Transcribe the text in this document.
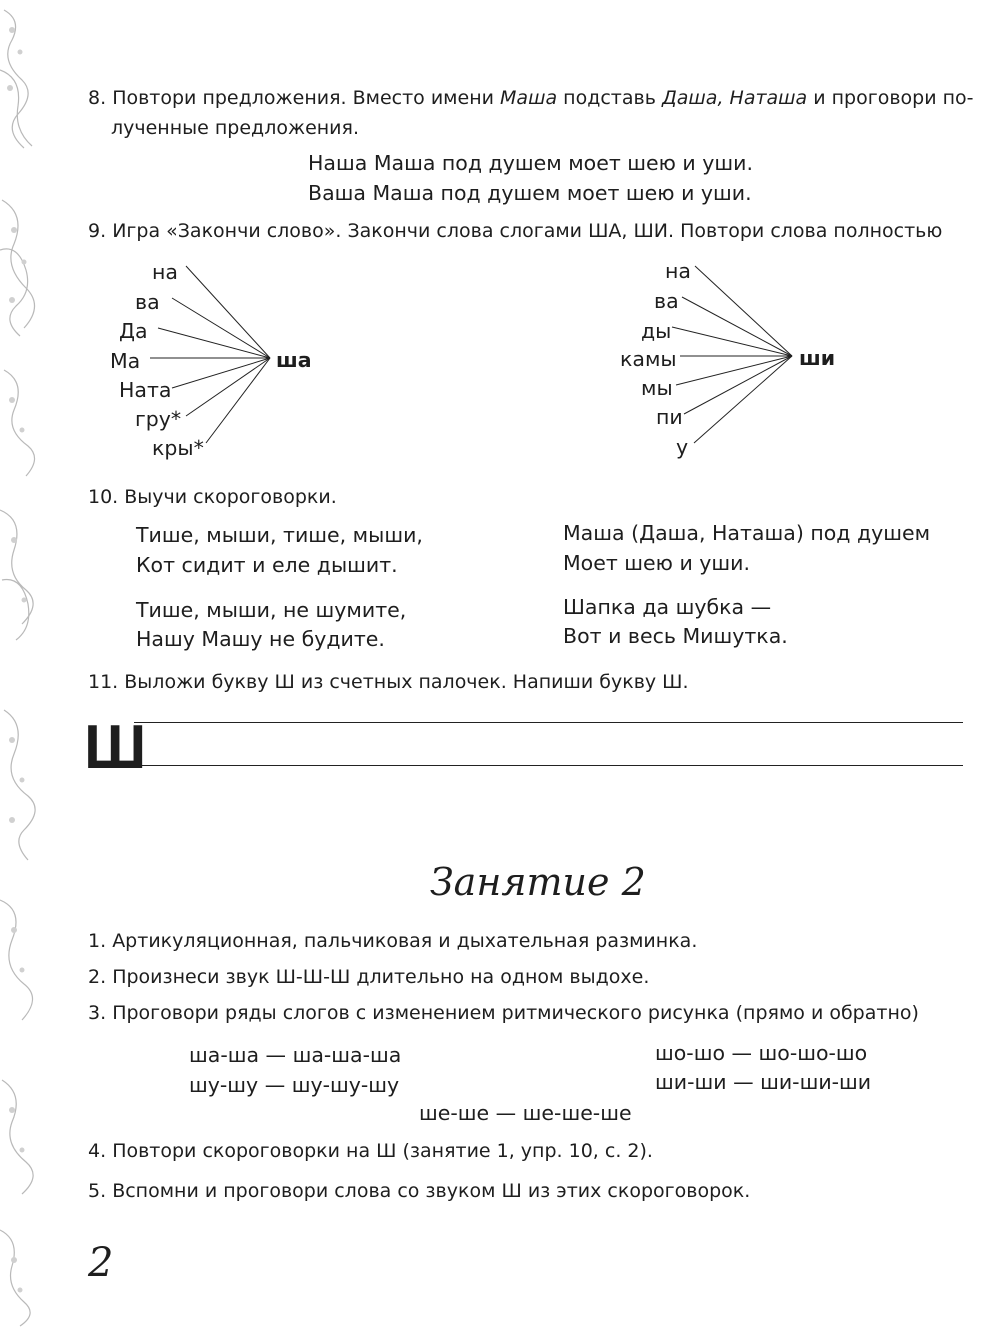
8. Повтори предложения. Вместо имени Маша подставь Даша, Наташа и проговори по-
лученные предложения.
Наша Маша под душем моет шею и уши.
Ваша Маша под душем моет шею и уши.
9. Игра «Закончи слово». Закончи слова слогами ША, ШИ. Повтори слова полностью
на
ва
Да
Ма
Ната
гру*
кры*
ша
на
ва
ды
камы
мы
пи
у
ши
10. Выучи скороговорки.
Тише, мыши, тише, мыши,
Кот сидит и еле дышит.
Тише, мыши, не шумите,
Нашу Машу не будите.
Маша (Даша, Наташа) под душем
Моет шею и уши.
Шапка да шубка —
Вот и весь Мишутка.
11. Выложи букву Ш из счетных палочек. Напиши букву Ш.
Ш
Занятие 2
1. Артикуляционная, пальчиковая и дыхательная разминка.
2. Произнеси звук Ш-Ш-Ш длительно на одном выдохе.
3. Проговори ряды слогов с изменением ритмического рисунка (прямо и обратно)
ша-ша — ша-ша-ша
шу-шу — шу-шу-шу
шо-шо — шо-шо-шо
ши-ши — ши-ши-ши
ше-ше — ше-ше-ше
4. Повтори скороговорки на Ш (занятие 1, упр. 10, с. 2).
5. Вспомни и проговори слова со звуком Ш из этих скороговорок.
2
